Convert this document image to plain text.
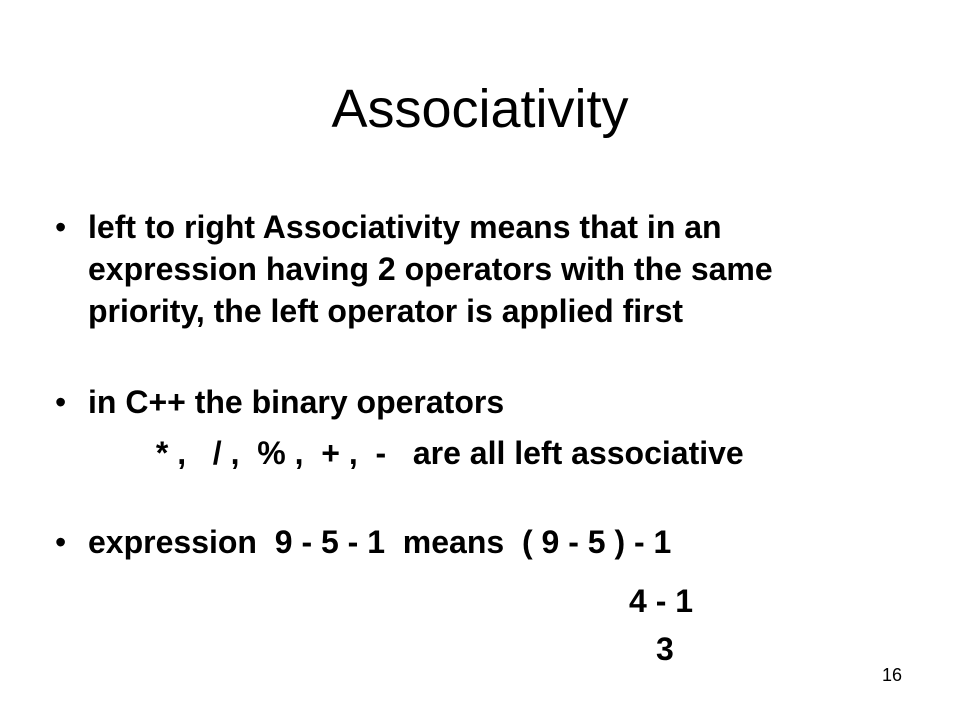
Associativity
• left to right Associativity means that in an
expression having 2 operators with the same
priority, the left operator is applied first
• in C++ the binary operators
* ,   / ,  % ,  + ,  -   are all left associative
• expression  9 - 5 - 1  means  ( 9 - 5 ) - 1
4 - 1
3
16
